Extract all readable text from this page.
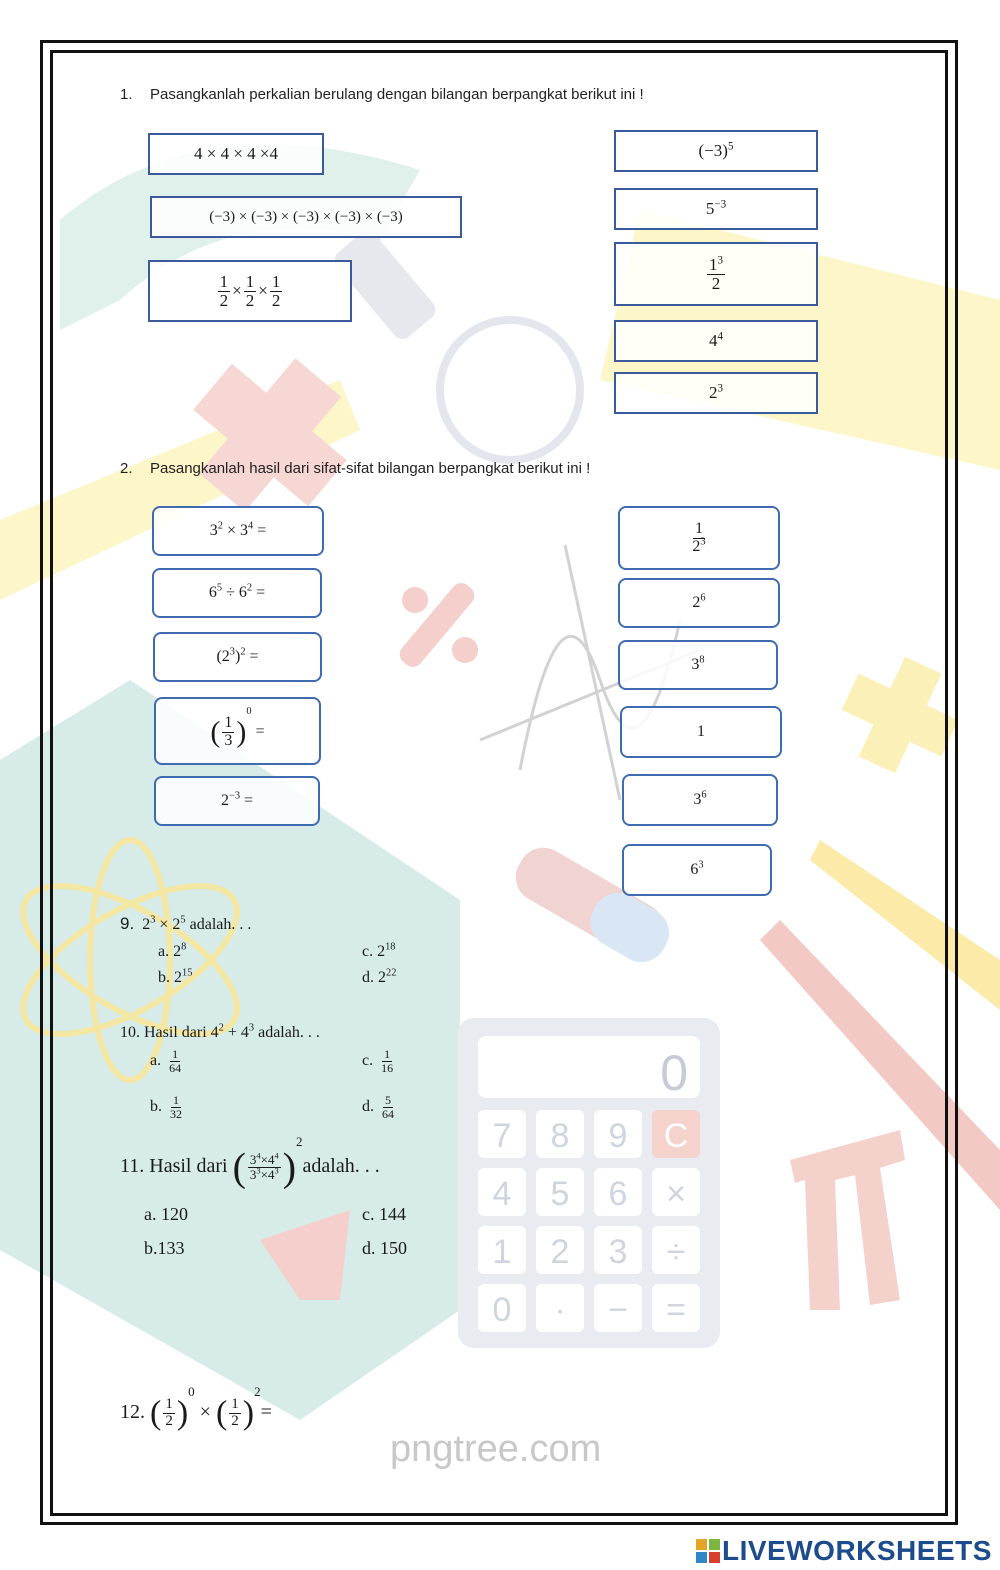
0
7 8 9 C
4 5 6 ×
1 2 3 ÷
0 · − =
pngtree.com
1. Pasangkanlah perkalian berulang dengan bilangan berpangkat berikut ini !
4 × 4 × 4 ×4
(−3) × (−3) × (−3) × (−3) × (−3)
$\frac{1}{2} \times \frac{1}{2} \times \frac{1}{2}$
$(-3)^5$
$5^{-3}$
$\frac{1^3}{2}$
$4^4$
$2^3$
2. Pasangkanlah hasil dari sifat-sifat bilangan berpangkat berikut ini !
$3^2 \times 3^4$ =
$6^5 \div 6^2$ =
$(2^3)^2$ =
( $\frac{1}{3} )^0$ =
$2^{-3}$ =
$\frac{1}{2^3}$
$2^6$
$3^8$
1
$3^6$
$6^3$
9. $2^3 \times 2^5$ adalah. . .
a. $2^8$
b. $2^{15}$
c. $2^{18}$
d. $2^{22}$
10. Hasil dari $4^2 + 4^3$ adalah. . .
a. $\frac{1}{64}$
b. $\frac{1}{32}$
c. $\frac{1}{16}$
d. $\frac{5}{64}$
11. Hasil dari ( $\frac{3^4\times 4^4}{3^3\times 4^3}$ )$^2$adalah. . .
a. 120
b.133
c. 144
d. 150
12. ( $\frac{1}{2} )^0$ × ( $\frac{1}{2} )^2=$
LIVEWORKSHEETS
